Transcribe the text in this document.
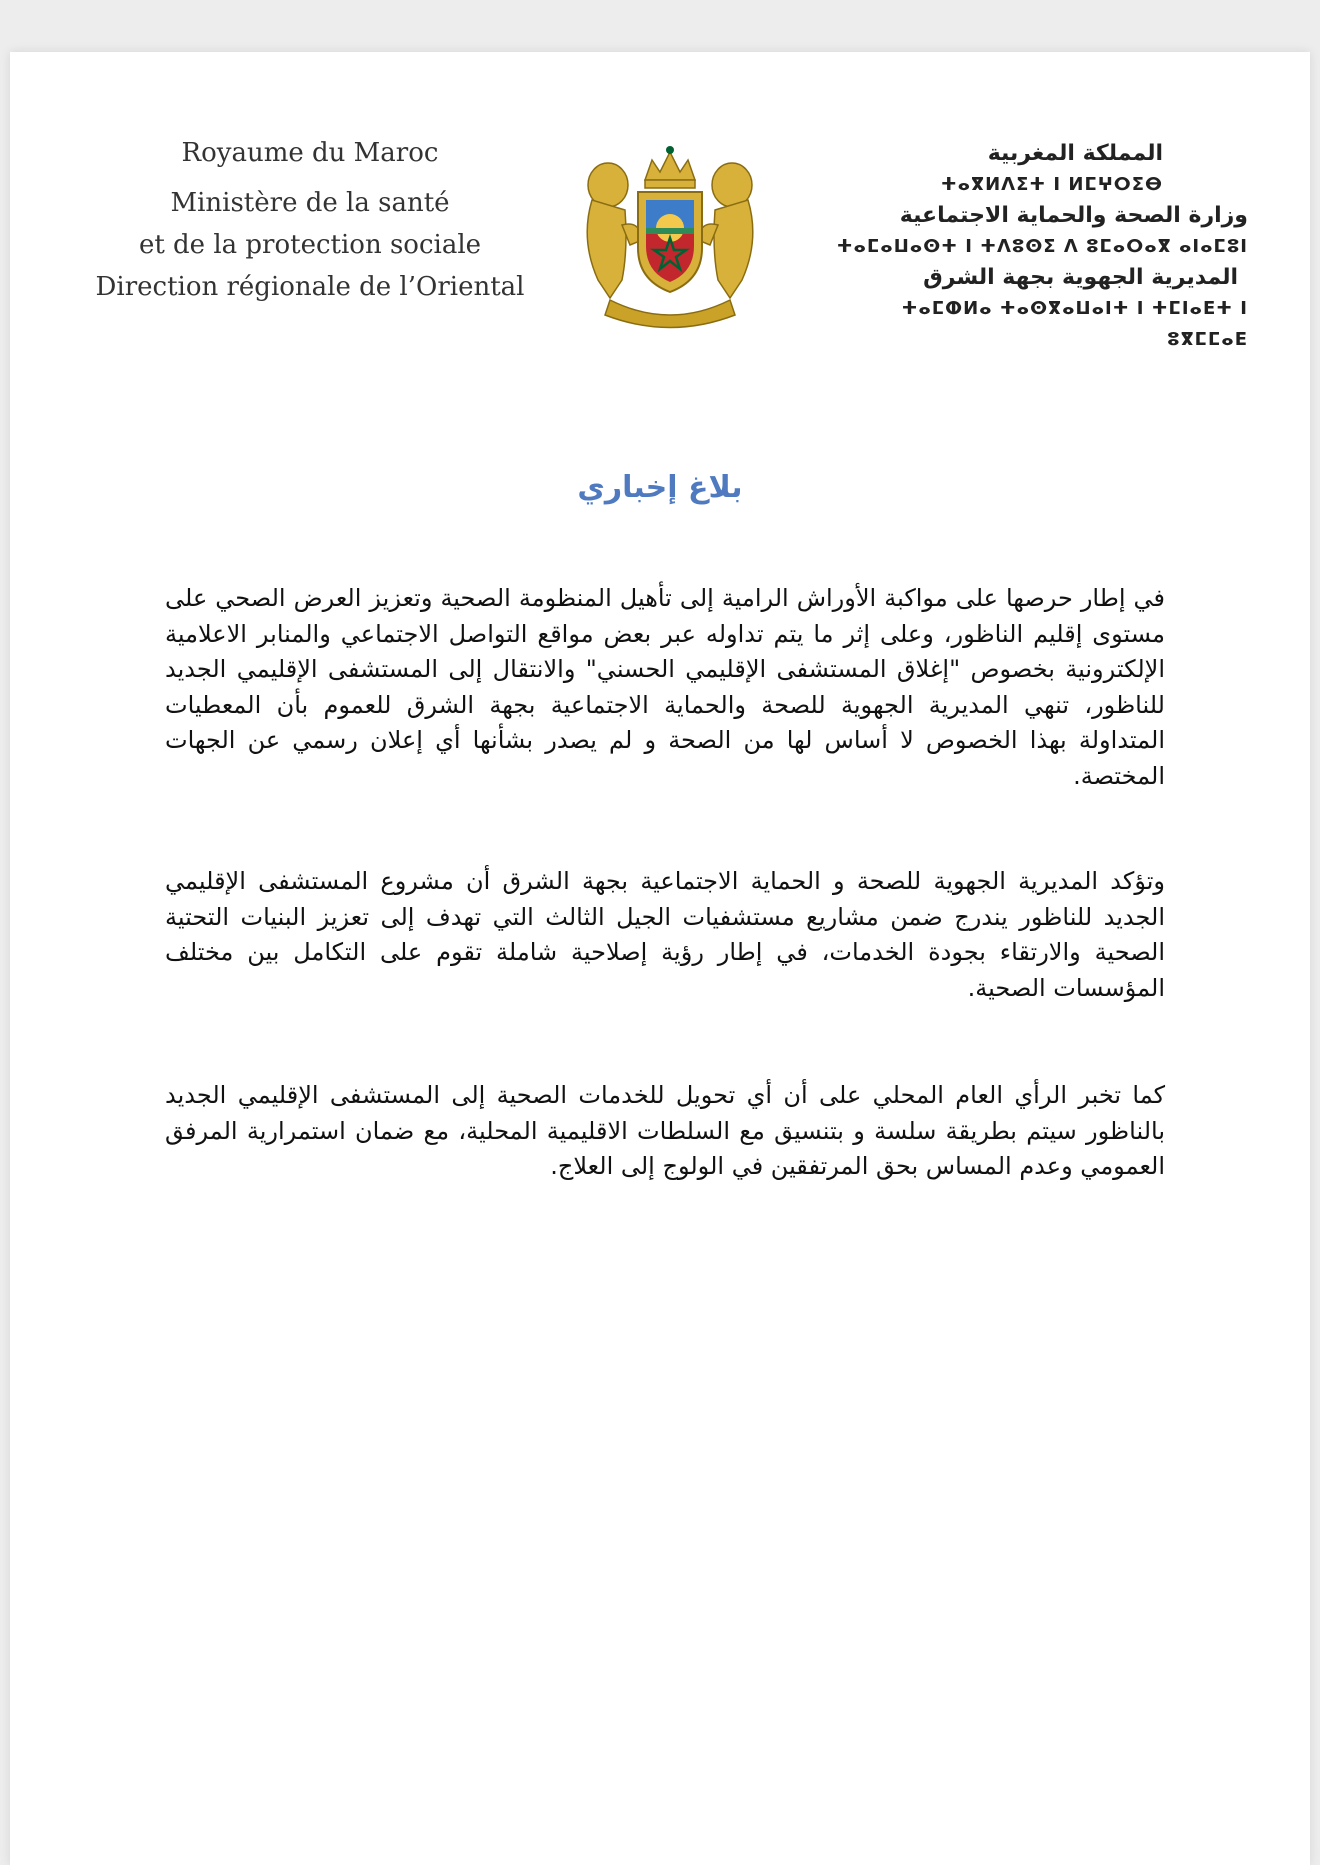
Royaume du Maroc
Ministère de la santé
et de la protection sociale
Direction régionale de l’Oriental
المملكة المغربية
ⵜⴰⴳⵍⴷⵉⵜ ⵏ ⵍⵎⵖⵔⵉⴱ
وزارة الصحة والحماية الاجتماعية
ⵜⴰⵎⴰⵡⴰⵙⵜ ⵏ ⵜⴷⵓⵙⵉ ⴷ ⵓⵎⴰⵔⴰⴳ ⴰⵏⴰⵎⵓⵏ
المديرية الجهوية بجهة الشرق
ⵜⴰⵎⵀⵍⴰ ⵜⴰⵙⴳⴰⵡⴰⵏⵜ ⵏ ⵜⵎⵏⴰⴹⵜ ⵏ ⵓⴳⵎⵎⴰⴹ
بلاغ إخباري

في إطار حرصها على مواكبة الأوراش الرامية إلى تأهيل المنظومة الصحية وتعزيز العرض الصحي على مستوى إقليم الناظور، وعلى إثر ما يتم تداوله عبر بعض مواقع التواصل الاجتماعي والمنابر الاعلامية الإلكترونية بخصوص "إغلاق المستشفى الإقليمي الحسني" والانتقال إلى المستشفى الإقليمي الجديد للناظور، تنهي المديرية الجهوية للصحة والحماية الاجتماعية بجهة الشرق للعموم بأن المعطيات المتداولة بهذا الخصوص لا أساس لها من الصحة و لم يصدر بشأنها أي إعلان رسمي عن الجهات المختصة.

وتؤكد المديرية الجهوية للصحة و الحماية الاجتماعية بجهة الشرق أن مشروع المستشفى الإقليمي الجديد للناظور يندرج ضمن مشاريع مستشفيات الجيل الثالث التي تهدف إلى تعزيز البنيات التحتية الصحية والارتقاء بجودة الخدمات، في إطار رؤية إصلاحية شاملة تقوم على التكامل بين مختلف المؤسسات الصحية.

كما تخبر الرأي العام المحلي على أن أي تحويل للخدمات الصحية إلى المستشفى الإقليمي الجديد بالناظور سيتم بطريقة سلسة و بتنسيق مع السلطات الاقليمية المحلية، مع ضمان استمرارية المرفق العمومي وعدم المساس بحق المرتفقين في الولوج إلى العلاج.
